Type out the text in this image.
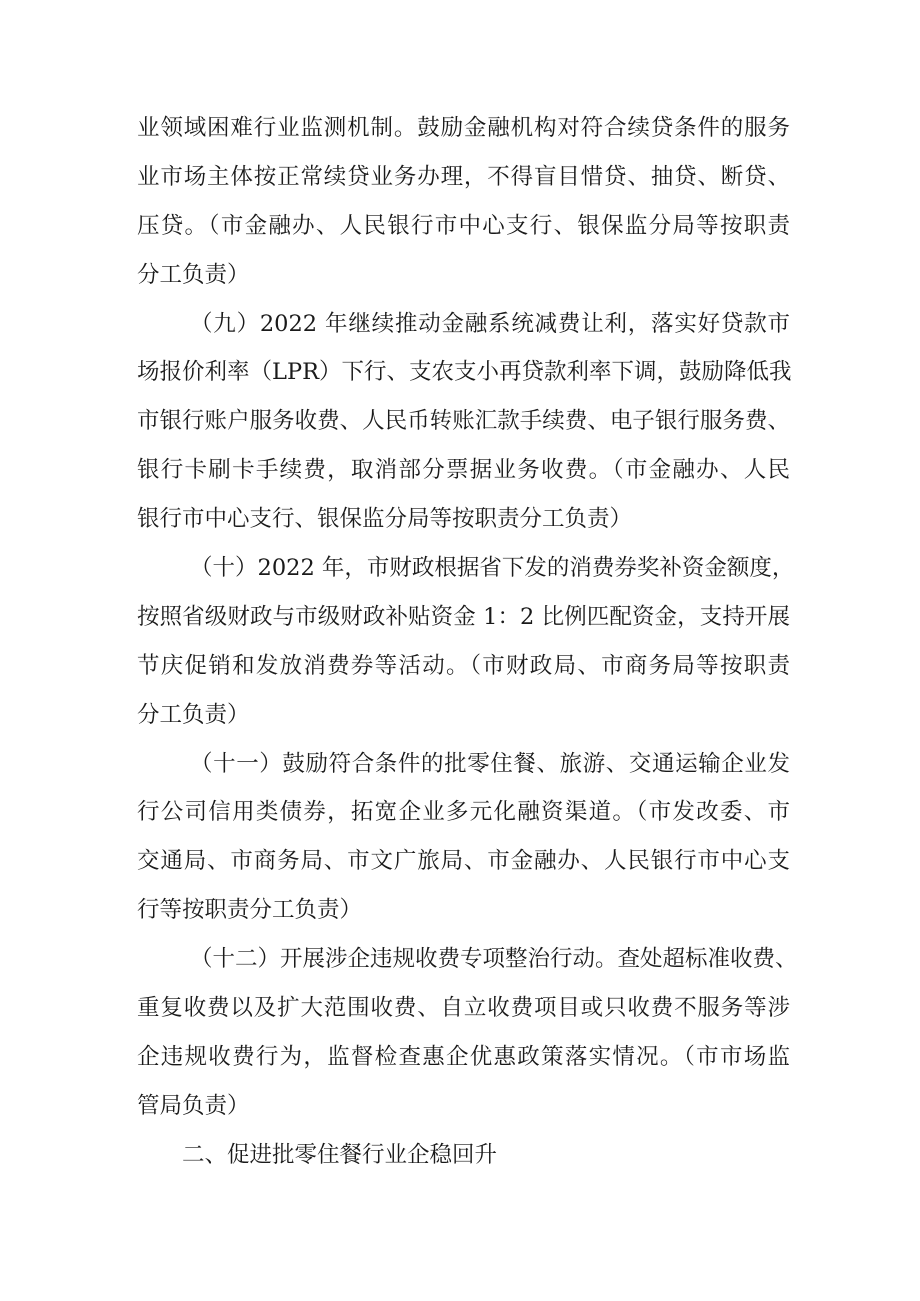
业领域困难行业监测机制。鼓励金融机构对符合续贷条件的服务
业市场主体按正常续贷业务办理，不得盲目惜贷、抽贷、断贷、
压贷。（市金融办、人民银行市中心支行、银保监分局等按职责
分工负责）
（九）2022 年继续推动金融系统减费让利，落实好贷款市
场报价利率（LPR）下行、支农支小再贷款利率下调，鼓励降低我
市银行账户服务收费、人民币转账汇款手续费、电子银行服务费、
银行卡刷卡手续费，取消部分票据业务收费。（市金融办、人民
银行市中心支行、银保监分局等按职责分工负责）
（十）2022 年，市财政根据省下发的消费券奖补资金额度，
按照省级财政与市级财政补贴资金 1：2 比例匹配资金，支持开展
节庆促销和发放消费券等活动。（市财政局、市商务局等按职责
分工负责）
（十一）鼓励符合条件的批零住餐、旅游、交通运输企业发
行公司信用类债券，拓宽企业多元化融资渠道。（市发改委、市
交通局、市商务局、市文广旅局、市金融办、人民银行市中心支
行等按职责分工负责）
（十二）开展涉企违规收费专项整治行动。查处超标准收费、
重复收费以及扩大范围收费、自立收费项目或只收费不服务等涉
企违规收费行为，监督检查惠企优惠政策落实情况。（市市场监
管局负责）
二、促进批零住餐行业企稳回升
